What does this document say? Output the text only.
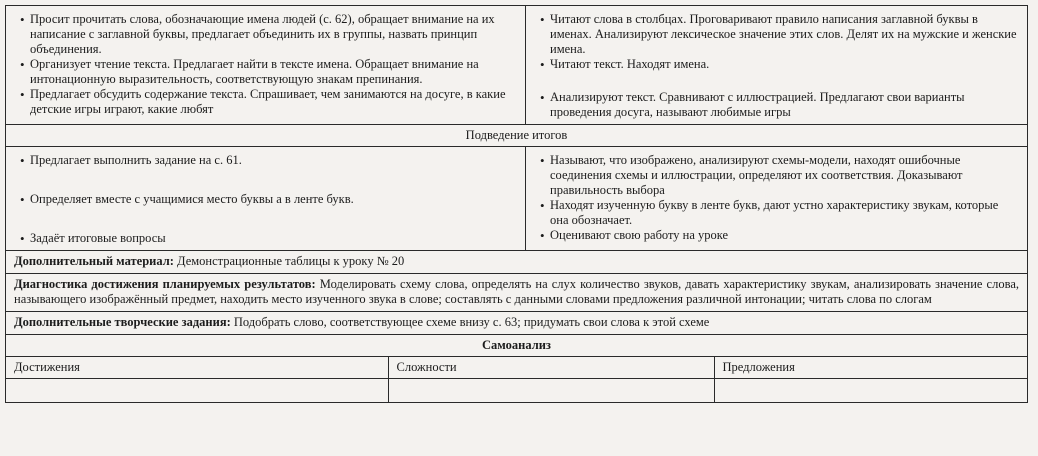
• Просит прочитать слова, обозначающие имена людей (с. 62), обращает внимание на их написание с заглавной буквы, предлагает объединить их в группы, назвать принцип объединения.
• Организует чтение текста. Предлагает найти в тексте имена. Обращает внимание на интонационную выразительность, соответствующую знакам препинания.
• Предлагает обсудить содержание текста. Спрашивает, чем занимаются на досуге, в какие детские игры играют, какие любят

• Читают слова в столбцах. Проговаривают правило написания заглавной буквы в именах. Анализируют лексическое значение этих слов. Делят их на мужские и женские имена.
• Читают текст. Находят имена.
• Анализируют текст. Сравнивают с иллюстрацией. Предлагают свои варианты проведения досуга, называют любимые игры

Подведение итогов

• Предлагает выполнить задание на с. 61.
• Определяет вместе с учащимися место буквы а в ленте букв.
• Задаёт итоговые вопросы

• Называют, что изображено, анализируют схемы-модели, находят ошибочные соединения схемы и иллюстрации, определяют их соответствия. Доказывают правильность выбора
• Находят изученную букву в ленте букв, дают устно характеристику звукам, которые она обозначает.
• Оценивают свою работу на уроке

Дополнительный материал: Демонстрационные таблицы к уроку № 20
Диагностика достижения планируемых результатов: Моделировать схему слова, определять на слух количество звуков, давать характеристику звукам, анализировать значение слова, называющего изображённый предмет, находить место изученного звука в слове; составлять с данными словами предложения различной интонации; читать слова по слогам
Дополнительные творческие задания: Подобрать слово, соответствующее схеме внизу с. 63; придумать свои слова к этой схеме
Самоанализ

Достижения	Сложности	Предложения
